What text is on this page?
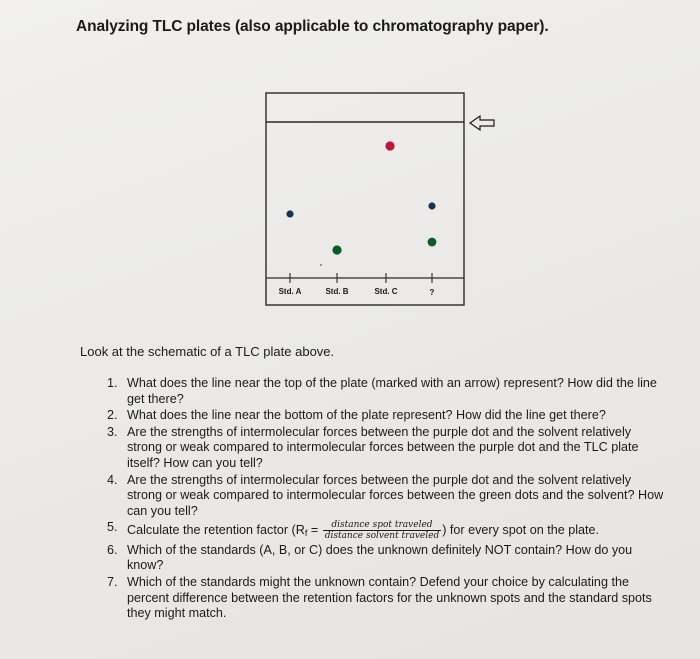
Analyzing TLC plates (also applicable to chromatography paper).
Std. A	Std. B	Std. C	?
Look at the schematic of a TLC plate above.
1. What does the line near the top of the plate (marked with an arrow) represent? How did the line get there?
2. What does the line near the bottom of the plate represent? How did the line get there?
3. Are the strengths of intermolecular forces between the purple dot and the solvent relatively strong or weak compared to intermolecular forces between the purple dot and the TLC plate itself? How can you tell?
4. Are the strengths of intermolecular forces between the purple dot and the solvent relatively strong or weak compared to intermolecular forces between the green dots and the solvent? How can you tell?
5. Calculate the retention factor ($R_f = \frac{\text{distance spot traveled}}{\text{distance solvent traveled}}$ ) for every spot on the plate.
6. Which of the standards (A, B, or C) does the unknown definitely NOT contain? How do you know?
7. Which of the standards might the unknown contain? Defend your choice by calculating the percent difference between the retention factors for the unknown spots and the standard spots they might match.
